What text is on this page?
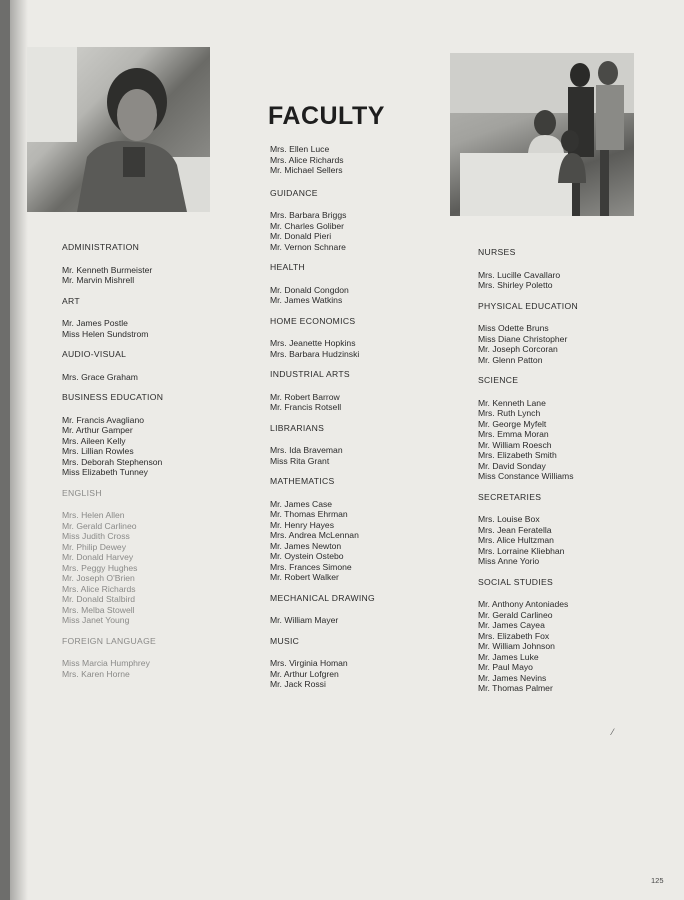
FACULTY
Mrs. Ellen Luce
Mrs. Alice Richards
Mr. Michael Sellers
GUIDANCE
Mrs. Barbara Briggs
Mr. Charles Goliber
Mr. Donald Pieri
Mr. Vernon Schnare
HEALTH
Mr. Donald Congdon
Mr. James Watkins
HOME ECONOMICS
Mrs. Jeanette Hopkins
Mrs. Barbara Hudzinski
INDUSTRIAL ARTS
Mr. Robert Barrow
Mr. Francis Rotsell
LIBRARIANS
Mrs. Ida Braveman
Miss Rita Grant
MATHEMATICS
Mr. James Case
Mr. Thomas Ehrman
Mr. Henry Hayes
Mrs. Andrea McLennan
Mr. James Newton
Mr. Oystein Ostebo
Mrs. Frances Simone
Mr. Robert Walker
MECHANICAL DRAWING
Mr. William Mayer
MUSIC
Mrs. Virginia Homan
Mr. Arthur Lofgren
Mr. Jack Rossi
ADMINISTRATION
Mr. Kenneth Burmeister
Mr. Marvin Mishrell
ART
Mr. James Postle
Miss Helen Sundstrom
AUDIO-VISUAL
Mrs. Grace Graham
BUSINESS EDUCATION
Mr. Francis Avagliano
Mr. Arthur Gamper
Mrs. Aileen Kelly
Mrs. Lillian Rowles
Mrs. Deborah Stephenson
Miss Elizabeth Tunney
ENGLISH
Mrs. Helen Allen
Mr. Gerald Carlineo
Miss Judith Cross
Mr. Philip Dewey
Mr. Donald Harvey
Mrs. Peggy Hughes
Mr. Joseph O'Brien
Mrs. Alice Richards
Mr. Donald Stalbird
Mrs. Melba Stowell
Miss Janet Young
FOREIGN LANGUAGE
Miss Marcia Humphrey
Mrs. Karen Horne
NURSES
Mrs. Lucille Cavallaro
Mrs. Shirley Poletto
PHYSICAL EDUCATION
Miss Odette Bruns
Miss Diane Christopher
Mr. Joseph Corcoran
Mr. Glenn Patton
SCIENCE
Mr. Kenneth Lane
Mrs. Ruth Lynch
Mr. George Myfelt
Mrs. Emma Moran
Mr. William Roesch
Mrs. Elizabeth Smith
Mr. David Sonday
Miss Constance Williams
SECRETARIES
Mrs. Louise Box
Mrs. Jean Feratella
Mrs. Alice Hultzman
Mrs. Lorraine Kliebhan
Miss Anne Yorio
SOCIAL STUDIES
Mr. Anthony Antoniades
Mr. Gerald Carlineo
Mr. James Cayea
Mrs. Elizabeth Fox
Mr. William Johnson
Mr. James Luke
Mr. Paul Mayo
Mr. James Nevins
Mr. Thomas Palmer
⁄
125
